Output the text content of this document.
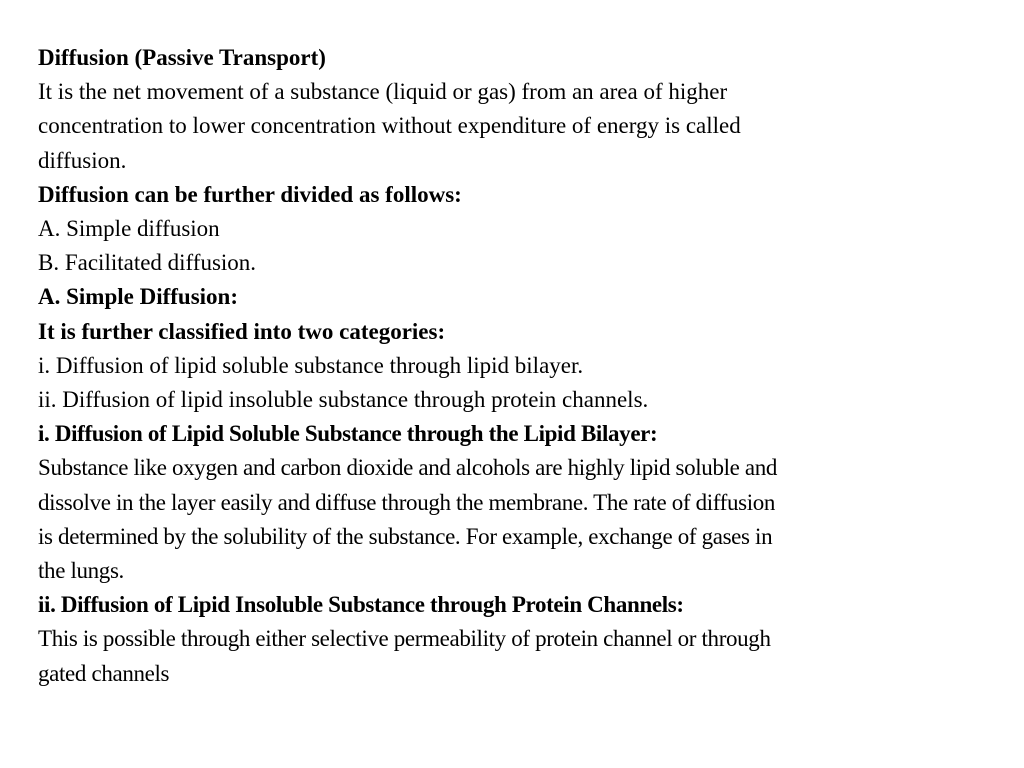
Diffusion (Passive Transport)
It is the net movement of a substance (liquid or gas) from an area of higher
concentration to lower concentration without expenditure of energy is called
diffusion.
Diffusion can be further divided as follows:
A. Simple diffusion
B. Facilitated diffusion.
A. Simple Diffusion:
It is further classified into two categories:
i. Diffusion of lipid soluble substance through lipid bilayer.
ii. Diffusion of lipid insoluble substance through protein channels.
i. Diffusion of Lipid Soluble Substance through the Lipid Bilayer:
Substance like oxygen and carbon dioxide and alcohols are highly lipid soluble and
dissolve in the layer easily and diffuse through the membrane. The rate of diffusion
is determined by the solubility of the substance. For example, exchange of gases in
the lungs.
ii. Diffusion of Lipid Insoluble Substance through Protein Channels:
This is possible through either selective permeability of protein channel or through
gated channels
